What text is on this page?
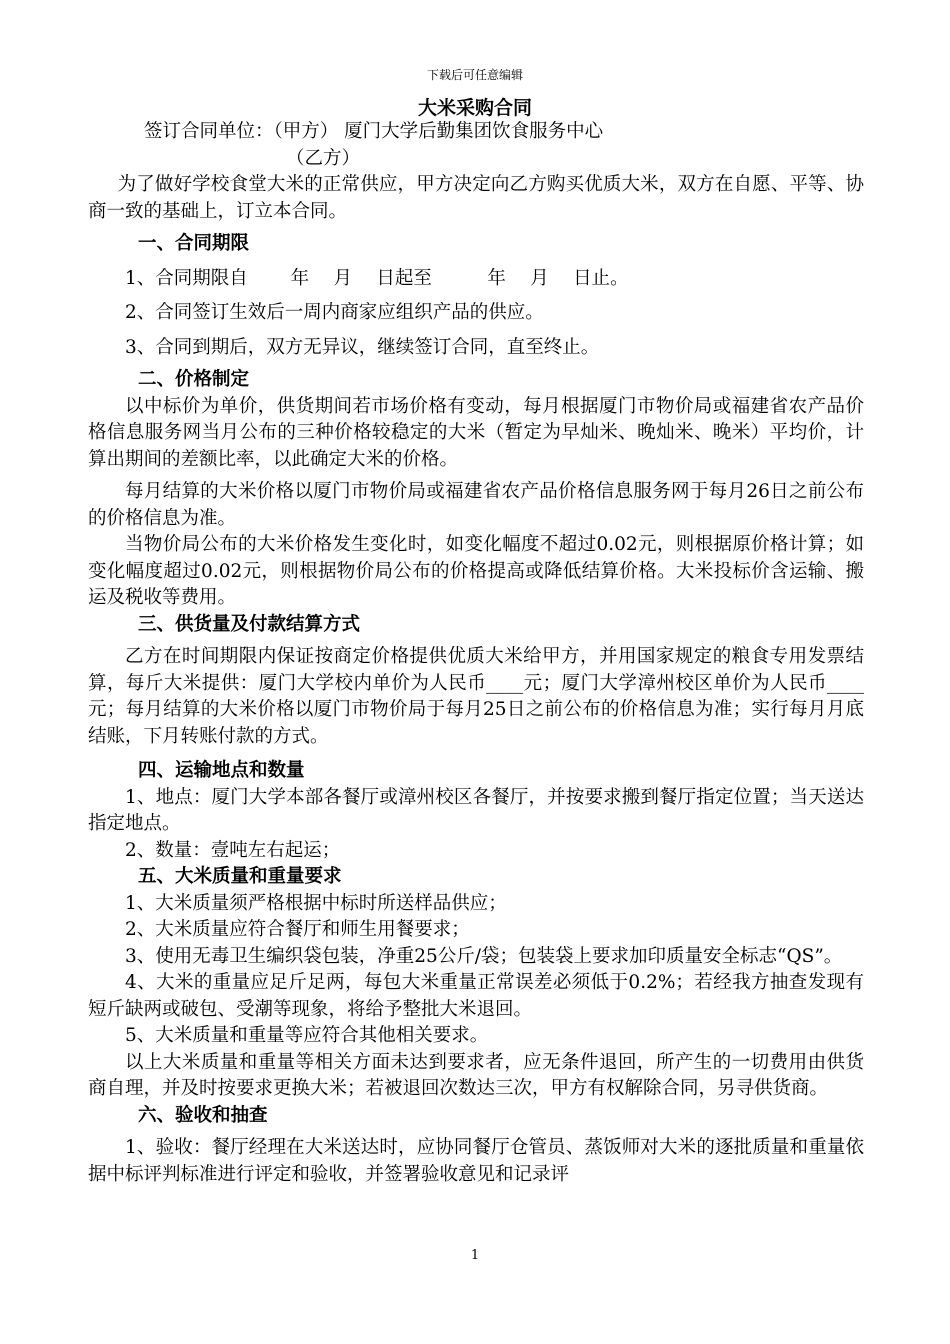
下载后可任意编辑
大米采购合同

签订合同单位：（甲方） 厦门大学后勤集团饮食服务中心

（乙方）

为了做好学校食堂大米的正常供应，甲方决定向乙方购买优质大米，双方在自愿、平等、协商一致的基础上，订立本合同。

一、合同期限

1、合同期限自　　 年　 月　 日起至　　　年　 月　 日止。

2、合同签订生效后一周内商家应组织产品的供应。

3、合同到期后，双方无异议，继续签订合同，直至终止。

二、价格制定

以中标价为单价，供货期间若市场价格有变动，每月根据厦门市物价局或福建省农产品价格信息服务网当月公布的三种价格较稳定的大米（暂定为早灿米、晚灿米、晚米）平均价，计算出期间的差额比率，以此确定大米的价格。

每月结算的大米价格以厦门市物价局或福建省农产品价格信息服务网于每月26日之前公布的价格信息为准。

当物价局公布的大米价格发生变化时，如变化幅度不超过0.02元，则根据原价格计算；如变化幅度超过0.02元，则根据物价局公布的价格提高或降低结算价格。大米投标价含运输、搬运及税收等费用。

三、供货量及付款结算方式

乙方在时间期限内保证按商定价格提供优质大米给甲方，并用国家规定的粮食专用发票结算，每斤大米提供：厦门大学校内单价为人民币____元；厦门大学漳州校区单价为人民币____元；每月结算的大米价格以厦门市物价局于每月25日之前公布的价格信息为准；实行每月月底结账，下月转账付款的方式。

四、运输地点和数量

1、地点：厦门大学本部各餐厅或漳州校区各餐厅，并按要求搬到餐厅指定位置；当天送达指定地点。

2、数量：壹吨左右起运；

五、大米质量和重量要求

1、大米质量须严格根据中标时所送样品供应；

2、大米质量应符合餐厅和师生用餐要求；

3、使用无毒卫生编织袋包装，净重25公斤/袋；包装袋上要求加印质量安全标志“QS”。

4、大米的重量应足斤足两，每包大米重量正常误差必须低于0.2%；若经我方抽查发现有短斤缺两或破包、受潮等现象，将给予整批大米退回。

5、大米质量和重量等应符合其他相关要求。

以上大米质量和重量等相关方面未达到要求者，应无条件退回，所产生的一切费用由供货商自理，并及时按要求更换大米；若被退回次数达三次，甲方有权解除合同，另寻供货商。

六、验收和抽查

1、验收：餐厅经理在大米送达时，应协同餐厅仓管员、蒸饭师对大米的逐批质量和重量依据中标评判标准进行评定和验收，并签署验收意见和记录评

1
